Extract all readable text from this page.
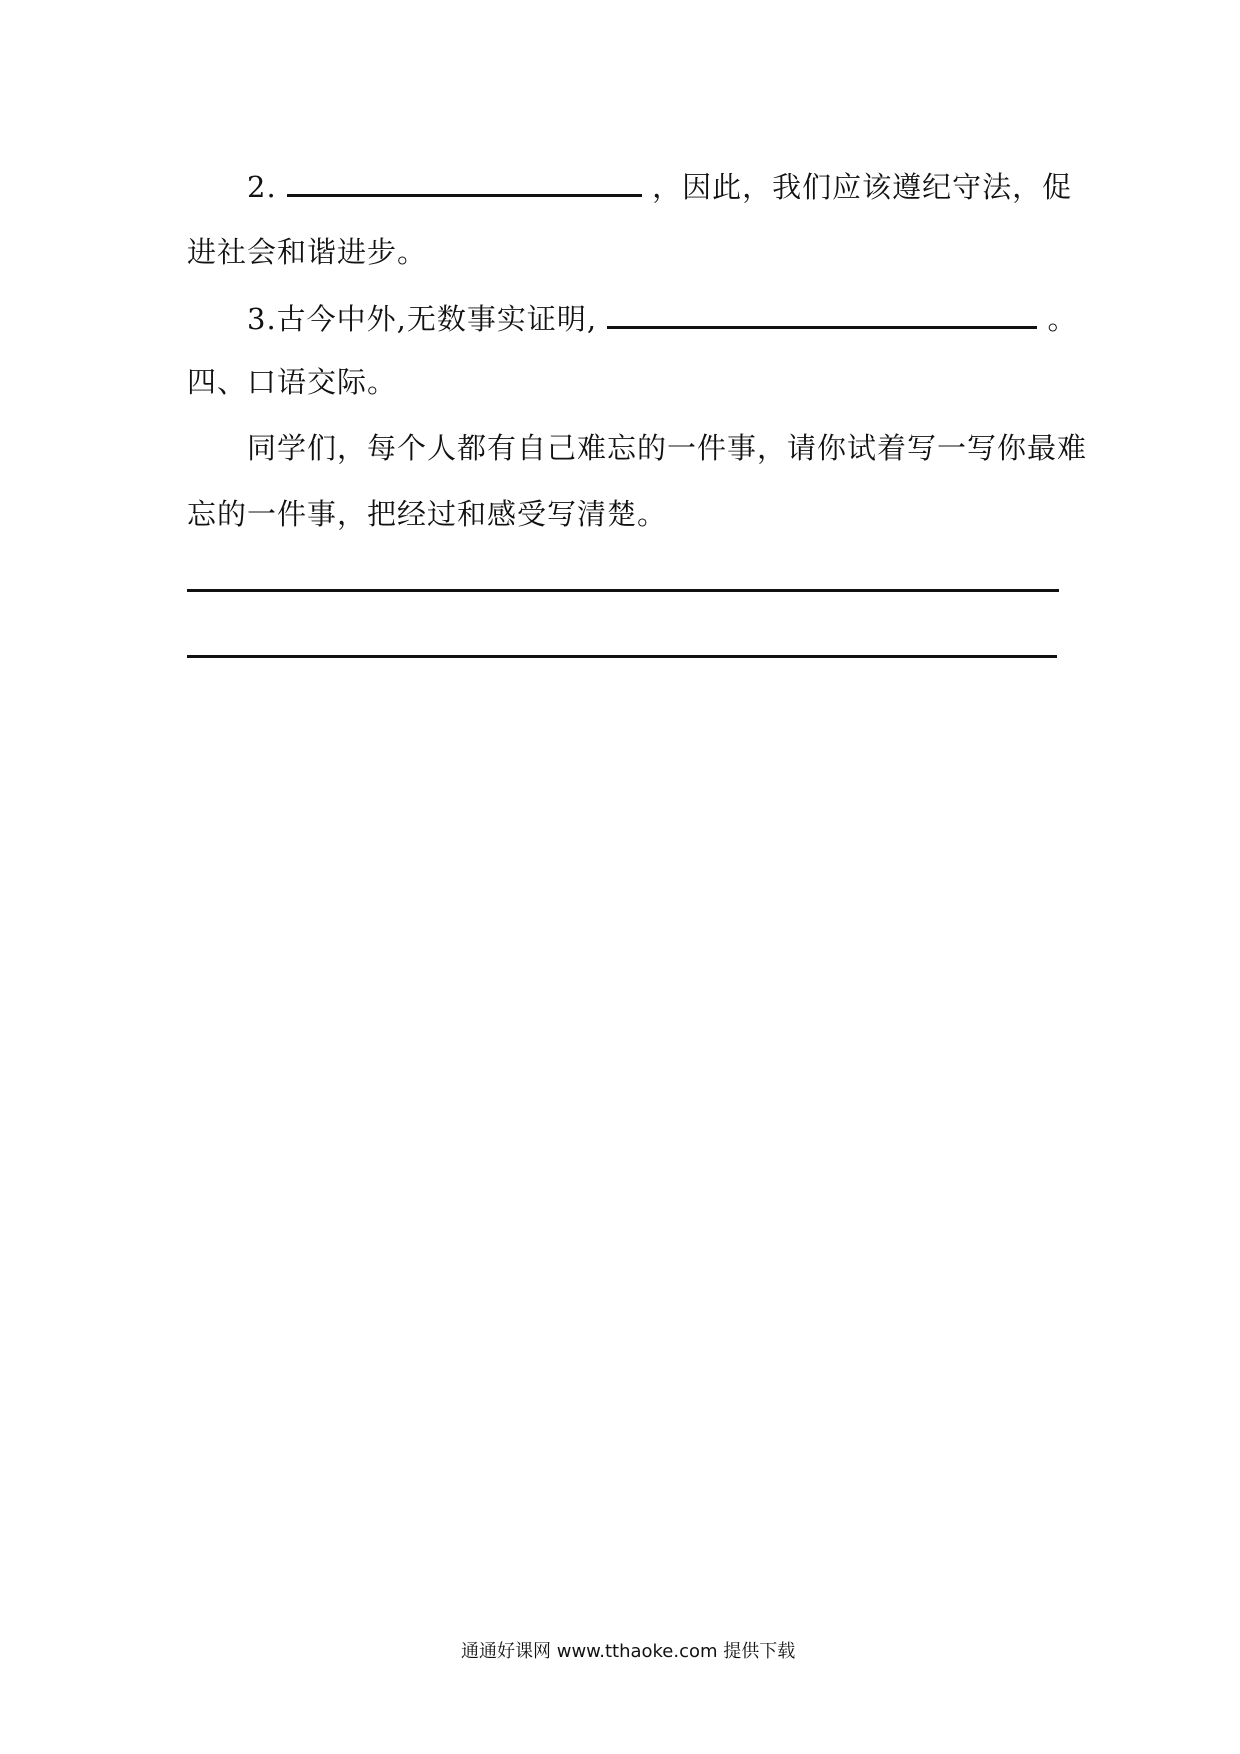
2.	，因此，我们应该遵纪守法，促
进社会和谐进步。
3.古今中外,无数事实证明,	。
四、口语交际。
同学们，每个人都有自己难忘的一件事，请你试着写一写你最难
忘的一件事，把经过和感受写清楚。
通通好课网 www.tthaoke.com 提供下载
